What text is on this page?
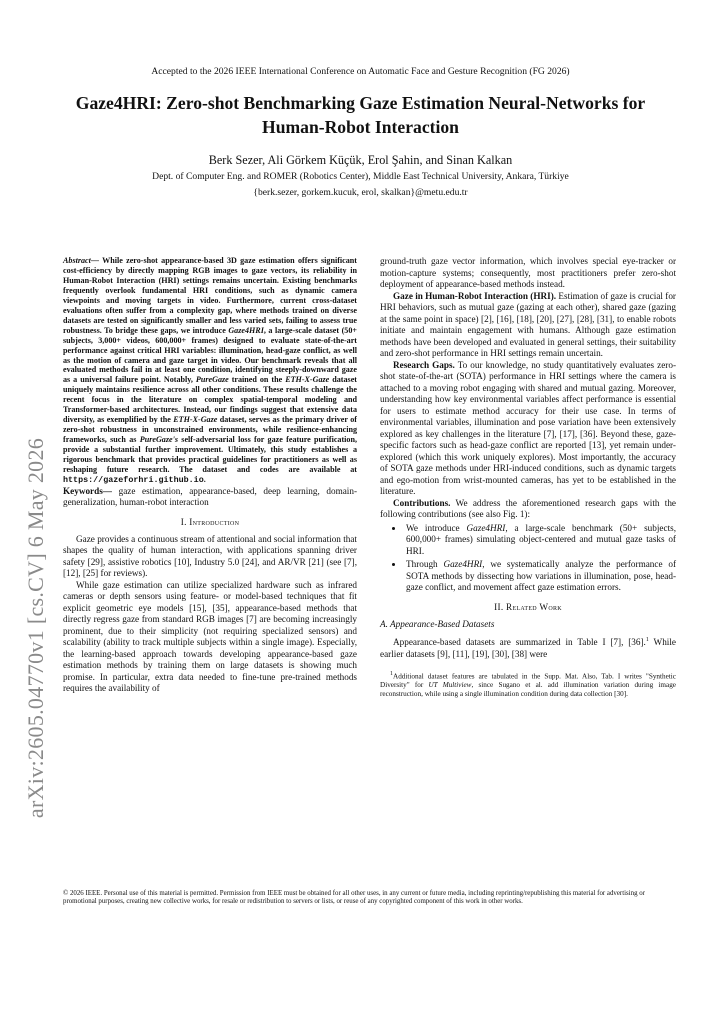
Accepted to the 2026 IEEE International Conference on Automatic Face and Gesture Recognition (FG 2026)
Gaze4HRI: Zero-shot Benchmarking Gaze Estimation Neural-Networks for Human-Robot Interaction
Berk Sezer, Ali Görkem Küçük, Erol Şahin, and Sinan Kalkan
Dept. of Computer Eng. and ROMER (Robotics Center), Middle East Technical University, Ankara, Türkiye
{berk.sezer, gorkem.kucuk, erol, skalkan}@metu.edu.tr
arXiv:2605.04770v1 [cs.CV] 6 May 2026

Abstract— While zero-shot appearance-based 3D gaze estimation offers significant cost-efficiency by directly mapping RGB images to gaze vectors, its reliability in Human-Robot Interaction (HRI) settings remains uncertain. Existing benchmarks frequently overlook fundamental HRI conditions, such as dynamic camera viewpoints and moving targets in video. Furthermore, current cross-dataset evaluations often suffer from a complexity gap, where methods trained on diverse datasets are tested on significantly smaller and less varied sets, failing to assess true robustness. To bridge these gaps, we introduce Gaze4HRI, a large-scale dataset (50+ subjects, 3,000+ videos, 600,000+ frames) designed to evaluate state-of-the-art performance against critical HRI variables: illumination, head-gaze conflict, as well as the motion of camera and gaze target in video. Our benchmark reveals that all evaluated methods fail in at least one condition, identifying steeply-downward gaze as a universal failure point. Notably, PureGaze trained on the ETH-X-Gaze dataset uniquely maintains resilience across all other conditions. These results challenge the recent focus in the literature on complex spatial-temporal modeling and Transformer-based architectures. Instead, our findings suggest that extensive data diversity, as exemplified by the ETH-X-Gaze dataset, serves as the primary driver of zero-shot robustness in unconstrained environments, while resilience-enhancing frameworks, such as PureGaze's self-adversarial loss for gaze feature purification, provide a substantial further improvement. Ultimately, this study establishes a rigorous benchmark that provides practical guidelines for practitioners as well as reshaping future research. The dataset and codes are available at https://gazeforhri.github.io.

Keywords— gaze estimation, appearance-based, deep learning, domain-generalization, human-robot interaction

I. Introduction

Gaze provides a continuous stream of attentional and social information that shapes the quality of human interaction, with applications spanning driver safety [29], assistive robotics [10], Industry 5.0 [24], and AR/VR [21] (see [7], [12], [25] for reviews).

While gaze estimation can utilize specialized hardware such as infrared cameras or depth sensors using feature- or model-based techniques that fit explicit geometric eye models [15], [35], appearance-based methods that directly regress gaze from standard RGB images [7] are becoming increasingly prominent, due to their simplicity (not requiring specialized sensors) and scalability (ability to track multiple subjects within a single image). Especially, the learning-based approach towards developing appearance-based gaze estimation methods by training them on large datasets is showing much promise. In particular, extra data needed to fine-tune pre-trained methods requires the availability of

ground-truth gaze vector information, which involves special eye-tracker or motion-capture systems; consequently, most practitioners prefer zero-shot deployment of appearance-based methods instead.

Gaze in Human-Robot Interaction (HRI). Estimation of gaze is crucial for HRI behaviors, such as mutual gaze (gazing at each other), shared gaze (gazing at the same point in space) [2], [16], [18], [20], [27], [28], [31], to enable robots initiate and maintain engagement with humans. Although gaze estimation methods have been developed and evaluated in general settings, their suitability and zero-shot performance in HRI settings remain uncertain.

Research Gaps. To our knowledge, no study quantitatively evaluates zero-shot state-of-the-art (SOTA) performance in HRI settings where the camera is attached to a moving robot engaging with shared and mutual gazing. Moreover, understanding how key environmental variables affect performance is essential for users to estimate method accuracy for their use case. In terms of environmental variables, illumination and pose variation have been extensively explored as key challenges in the literature [7], [17], [36]. Beyond these, gaze-specific factors such as head-gaze conflict are reported [13], yet remain under-explored (which this work uniquely explores). Most importantly, the accuracy of SOTA gaze methods under HRI-induced conditions, such as dynamic targets and ego-motion from wrist-mounted cameras, has yet to be established in the literature.

Contributions. We address the aforementioned research gaps with the following contributions (see also Fig. 1):

• We introduce Gaze4HRI, a large-scale benchmark (50+ subjects, 600,000+ frames) simulating object-centered and mutual gaze tasks of HRI.
• Through Gaze4HRI, we systematically analyze the performance of SOTA methods by dissecting how variations in illumination, pose, head-gaze conflict, and movement affect gaze estimation errors.
II. Related Work
A. Appearance-Based Datasets

Appearance-based datasets are summarized in Table I [7], [36].$^1$ While earlier datasets [9], [11], [19], [30], [38] were

$^1$Additional dataset features are tabulated in the Supp. Mat. Also, Tab. I writes "Synthetic Diversity" for UT Multiview, since Sugano et al. add illumination variation during image reconstruction, while using a single illumination condition during data collection [30].
© 2026 IEEE. Personal use of this material is permitted. Permission from IEEE must be obtained for all other uses, in any current or future media, including reprinting/republishing this material for advertising or promotional purposes, creating new collective works, for resale or redistribution to servers or lists, or reuse of any copyrighted component of this work in other works.
